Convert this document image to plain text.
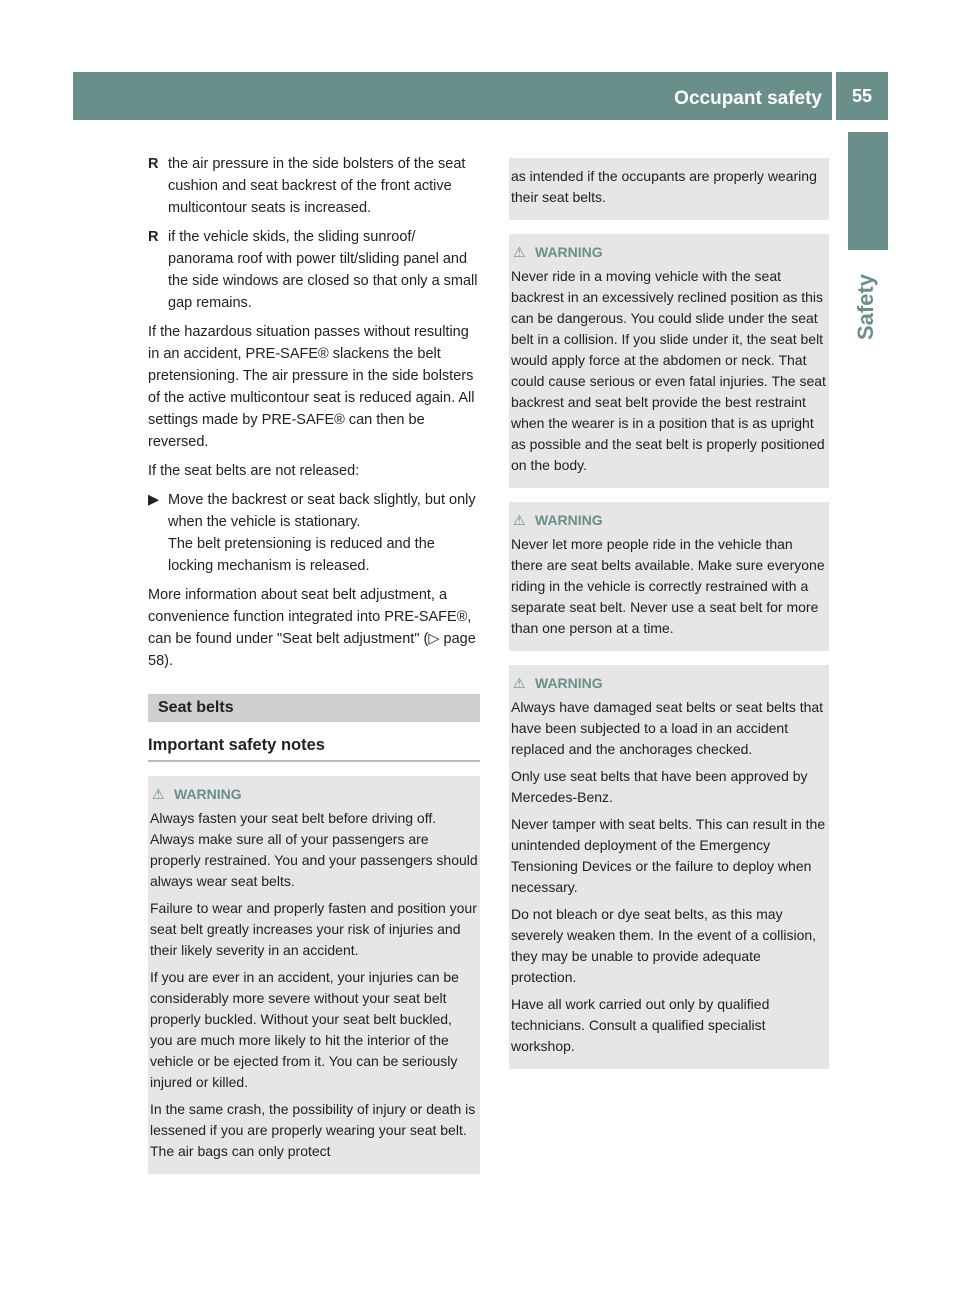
Occupant safety	55
Safety
R the air pressure in the side bolsters of the seat cushion and seat backrest of the front active multicontour seats is increased.
R if the vehicle skids, the sliding sunroof/ panorama roof with power tilt/sliding panel and the side windows are closed so that only a small gap remains.

If the hazardous situation passes without resulting in an accident, PRE-SAFE® slackens the belt pretensioning. The air pressure in the side bolsters of the active multicontour seat is reduced again. All settings made by PRE-SAFE® can then be reversed.

If the seat belts are not released:

▶ Move the backrest or seat back slightly, but only when the vehicle is stationary.
The belt pretensioning is reduced and the locking mechanism is released.

More information about seat belt adjustment, a convenience function integrated into PRE-SAFE®, can be found under "Seat belt adjustment" (▷ page 58).

Seat belts
Important safety notes
⚠ WARNING

Always fasten your seat belt before driving off. Always make sure all of your passengers are properly restrained. You and your passengers should always wear seat belts.

Failure to wear and properly fasten and position your seat belt greatly increases your risk of injuries and their likely severity in an accident.

If you are ever in an accident, your injuries can be considerably more severe without your seat belt properly buckled. Without your seat belt buckled, you are much more likely to hit the interior of the vehicle or be ejected from it. You can be seriously injured or killed.

In the same crash, the possibility of injury or death is lessened if you are properly wearing your seat belt. The air bags can only protect

as intended if the occupants are properly wearing their seat belts.

⚠ WARNING

Never ride in a moving vehicle with the seat backrest in an excessively reclined position as this can be dangerous. You could slide under the seat belt in a collision. If you slide under it, the seat belt would apply force at the abdomen or neck. That could cause serious or even fatal injuries. The seat backrest and seat belt provide the best restraint when the wearer is in a position that is as upright as possible and the seat belt is properly positioned on the body.

⚠ WARNING

Never let more people ride in the vehicle than there are seat belts available. Make sure everyone riding in the vehicle is correctly restrained with a separate seat belt. Never use a seat belt for more than one person at a time.

⚠ WARNING

Always have damaged seat belts or seat belts that have been subjected to a load in an accident replaced and the anchorages checked.

Only use seat belts that have been approved by Mercedes-Benz.

Never tamper with seat belts. This can result in the unintended deployment of the Emergency Tensioning Devices or the failure to deploy when necessary.

Do not bleach or dye seat belts, as this may severely weaken them. In the event of a collision, they may be unable to provide adequate protection.

Have all work carried out only by qualified technicians. Consult a qualified specialist workshop.
